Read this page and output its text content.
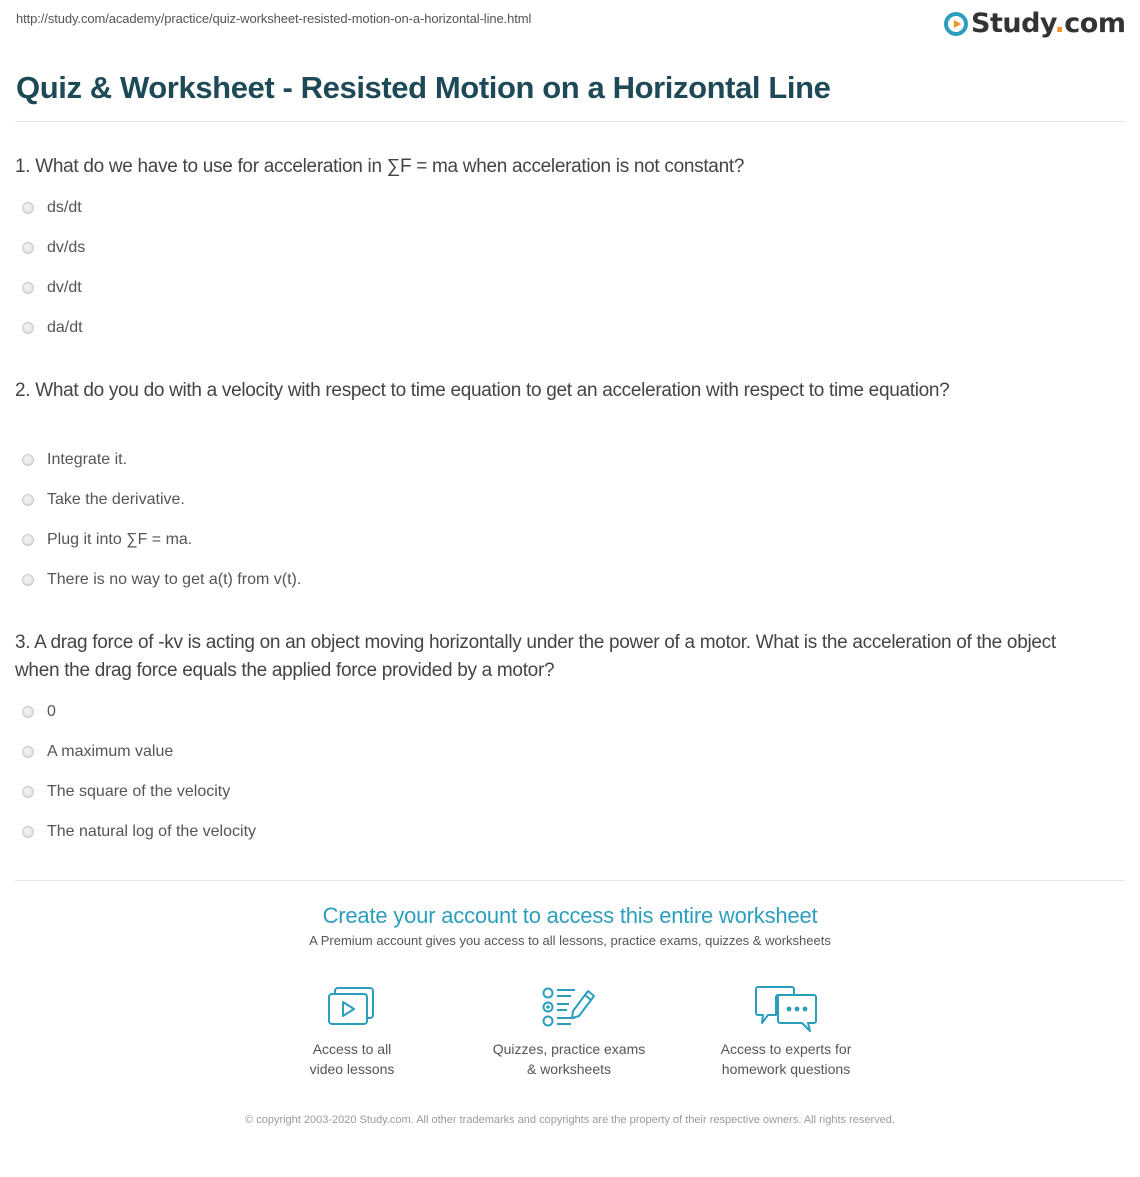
http://study.com/academy/practice/quiz-worksheet-resisted-motion-on-a-horizontal-line.html	Study.com
Quiz & Worksheet - Resisted Motion on a Horizontal Line
1. What do we have to use for acceleration in ∑F = ma when acceleration is not constant?
ds/dt
dv/ds
dv/dt
da/dt
2. What do you do with a velocity with respect to time equation to get an acceleration with respect to time equation?
Integrate it.
Take the derivative.
Plug it into ∑F = ma.
There is no way to get a(t) from v(t).
3. A drag force of -kv is acting on an object moving horizontally under the power of a motor. What is the acceleration of the object when the drag force equals the applied force provided by a motor?
0
A maximum value
The square of the velocity
The natural log of the velocity
Create your account to access this entire worksheet
A Premium account gives you access to all lessons, practice exams, quizzes & worksheets
Access to all
video lessons
Quizzes, practice exams
& worksheets
Access to experts for
homework questions
© copyright 2003-2020 Study.com. All other trademarks and copyrights are the property of their respective owners. All rights reserved.
